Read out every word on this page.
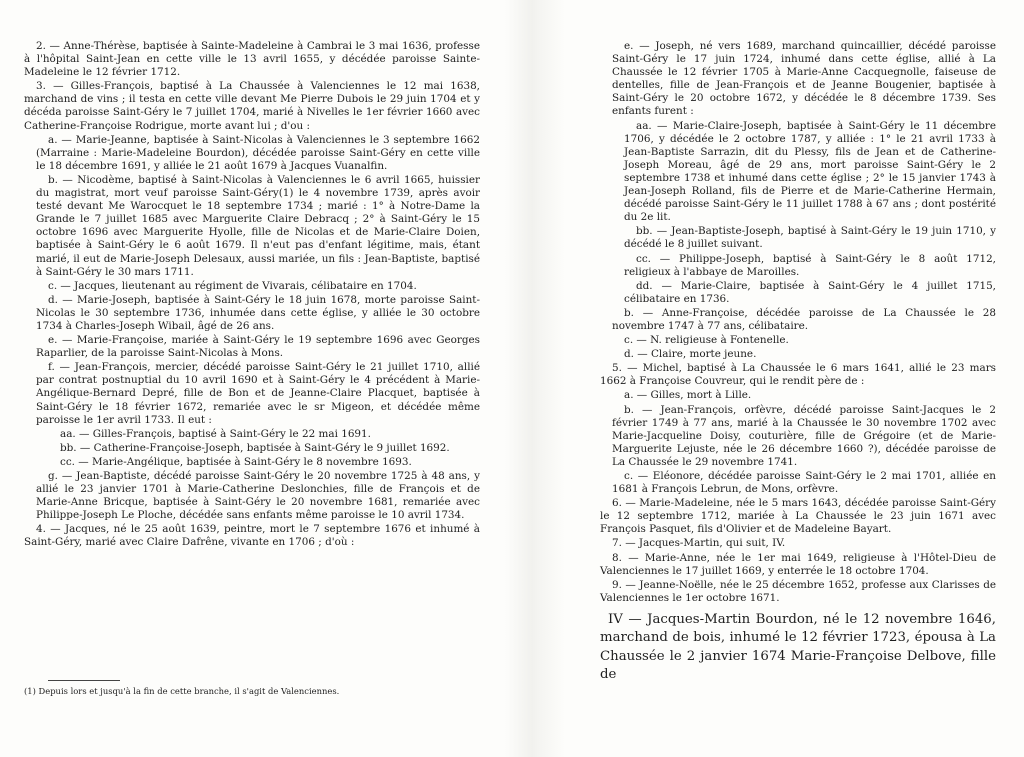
2. — Anne-Thérèse, baptisée à Sainte-Madeleine à Cambrai le 3 mai 1636, professe à l'hôpital Saint-Jean en cette ville le 13 avril 1655, y décédée paroisse Sainte-Madeleine le 12 février 1712.

3. — Gilles-François, baptisé à La Chaussée à Valenciennes le 12 mai 1638, marchand de vins ; il testa en cette ville devant Me Pierre Dubois le 29 juin 1704 et y décéda paroisse Saint-Géry le 7 juillet 1704, marié à Nivelles le 1er février 1660 avec Catherine-Françoise Rodrigue, morte avant lui ; d'ou :

a. — Marie-Jeanne, baptisée à Saint-Nicolas à Valenciennes le 3 septembre 1662 (Marraine : Marie-Madeleine Bourdon), décédée paroisse Saint-Géry en cette ville le 18 décembre 1691, y alliée le 21 août 1679 à Jacques Vuanalfin.

b. — Nicodème, baptisé à Saint-Nicolas à Valenciennes le 6 avril 1665, huissier du magistrat, mort veuf paroisse Saint-Géry(1) le 4 novembre 1739, après avoir testé devant Me Warocquet le 18 septembre 1734 ; marié : 1° à Notre-Dame la Grande le 7 juillet 1685 avec Marguerite Claire Debracq ; 2° à Saint-Géry le 15 octobre 1696 avec Marguerite Hyolle, fille de Nicolas et de Marie-Claire Doien, baptisée à Saint-Géry le 6 août 1679. Il n'eut pas d'enfant légitime, mais, étant marié, il eut de Marie-Joseph Delesaux, aussi mariée, un fils : Jean-Baptiste, baptisé à Saint-Géry le 30 mars 1711.

c. — Jacques, lieutenant au régiment de Vivarais, célibataire en 1704.

d. — Marie-Joseph, baptisée à Saint-Géry le 18 juin 1678, morte paroisse Saint-Nicolas le 30 septembre 1736, inhumée dans cette église, y alliée le 30 octobre 1734 à Charles-Joseph Wibail, âgé de 26 ans.

e. — Marie-Françoise, mariée à Saint-Géry le 19 septembre 1696 avec Georges Raparlier, de la paroisse Saint-Nicolas à Mons.

f. — Jean-François, mercier, décédé paroisse Saint-Géry le 21 juillet 1710, allié par contrat postnuptial du 10 avril 1690 et à Saint-Géry le 4 précédent à Marie-Angélique-Bernard Depré, fille de Bon et de Jeanne-Claire Placquet, baptisée à Saint-Géry le 18 février 1672, remariée avec le sr Migeon, et décédée même paroisse le 1er avril 1733. Il eut :

aa. — Gilles-François, baptisé à Saint-Géry le 22 mai 1691.

bb. — Catherine-Françoise-Joseph, baptisée à Saint-Géry le 9 juillet 1692.

cc. — Marie-Angélique, baptisée à Saint-Géry le 8 novembre 1693.

g. — Jean-Baptiste, décédé paroisse Saint-Géry le 20 novembre 1725 à 48 ans, y allié le 23 janvier 1701 à Marie-Catherine Deslonchies, fille de François et de Marie-Anne Bricque, baptisée à Saint-Géry le 20 novembre 1681, remariée avec Philippe-Joseph Le Ploche, décédée sans enfants même paroisse le 10 avril 1734.

4. — Jacques, né le 25 août 1639, peintre, mort le 7 septembre 1676 et inhumé à Saint-Géry, marié avec Claire Dafrêne, vivante en 1706 ; d'où :

(1) Depuis lors et jusqu'à la fin de cette branche, il s'agit de Valenciennes.

e. — Joseph, né vers 1689, marchand quincaillier, décédé paroisse Saint-Géry le 17 juin 1724, inhumé dans cette église, allié à La Chaussée le 12 février 1705 à Marie-Anne Cacquegnolle, faiseuse de dentelles, fille de Jean-François et de Jeanne Bougenier, baptisée à Saint-Géry le 20 octobre 1672, y décédée le 8 décembre 1739. Ses enfants furent :

aa. — Marie-Claire-Joseph, baptisée à Saint-Géry le 11 décembre 1706, y décédée le 2 octobre 1787, y alliée : 1° le 21 avril 1733 à Jean-Baptiste Sarrazin, dit du Plessy, fils de Jean et de Catherine-Joseph Moreau, âgé de 29 ans, mort paroisse Saint-Géry le 2 septembre 1738 et inhumé dans cette église ; 2° le 15 janvier 1743 à Jean-Joseph Rolland, fils de Pierre et de Marie-Catherine Hermain, décédé paroisse Saint-Géry le 11 juillet 1788 à 67 ans ; dont postérité du 2e lit.

bb. — Jean-Baptiste-Joseph, baptisé à Saint-Géry le 19 juin 1710, y décédé le 8 juillet suivant.

cc. — Philippe-Joseph, baptisé à Saint-Géry le 8 août 1712, religieux à l'abbaye de Maroilles.

dd. — Marie-Claire, baptisée à Saint-Géry le 4 juillet 1715, célibataire en 1736.

b. — Anne-Françoise, décédée paroisse de La Chaussée le 28 novembre 1747 à 77 ans, célibataire.

c. — N. religieuse à Fontenelle.

d. — Claire, morte jeune.

5. — Michel, baptisé à La Chaussée le 6 mars 1641, allié le 23 mars 1662 à Françoise Couvreur, qui le rendit père de :

a. — Gilles, mort à Lille.

b. — Jean-François, orfèvre, décédé paroisse Saint-Jacques le 2 février 1749 à 77 ans, marié à la Chaussée le 30 novembre 1702 avec Marie-Jacqueline Doisy, couturière, fille de Grégoire (et de Marie-Marguerite Lejuste, née le 26 décembre 1660 ?), décédée paroisse de La Chaussée le 29 novembre 1741.

c. — Eléonore, décédée paroisse Saint-Géry le 2 mai 1701, alliée en 1681 à François Lebrun, de Mons, orfèvre.

6. — Marie-Madeleine, née le 5 mars 1643, décédée paroisse Saint-Géry le 12 septembre 1712, mariée à La Chaussée le 23 juin 1671 avec François Pasquet, fils d'Olivier et de Madeleine Bayart.

7. — Jacques-Martin, qui suit, IV.

8. — Marie-Anne, née le 1er mai 1649, religieuse à l'Hôtel-Dieu de Valenciennes le 17 juillet 1669, y enterrée le 18 octobre 1704.

9. — Jeanne-Noëlle, née le 25 décembre 1652, professe aux Clarisses de Valenciennes le 1er octobre 1671.

IV — Jacques-Martin Bourdon, né le 12 novembre 1646, marchand de bois, inhumé le 12 février 1723, épousa à La Chaussée le 2 janvier 1674 Marie-Françoise Delbove, fille de
